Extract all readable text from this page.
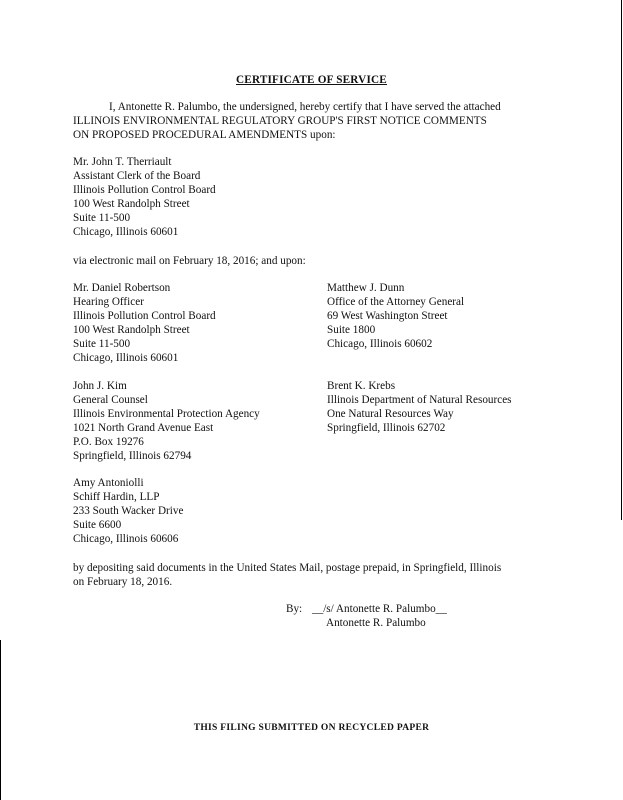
CERTIFICATE OF SERVICE
I, Antonette R. Palumbo, the undersigned, hereby certify that I have served the attached
ILLINOIS ENVIRONMENTAL REGULATORY GROUP'S FIRST NOTICE COMMENTS
ON PROPOSED PROCEDURAL AMENDMENTS upon:
Mr. John T. Therriault
Assistant Clerk of the Board
Illinois Pollution Control Board
100 West Randolph Street
Suite 11-500
Chicago, Illinois 60601
via electronic mail on February 18, 2016; and upon:
Mr. Daniel Robertson
Hearing Officer
Illinois Pollution Control Board
100 West Randolph Street
Suite 11-500
Chicago, Illinois 60601
Matthew J. Dunn
Office of the Attorney General
69 West Washington Street
Suite 1800
Chicago, Illinois 60602
John J. Kim
General Counsel
Illinois Environmental Protection Agency
1021 North Grand Avenue East
P.O. Box 19276
Springfield, Illinois 62794
Brent K. Krebs
Illinois Department of Natural Resources
One Natural Resources Way
Springfield, Illinois 62702
Amy Antoniolli
Schiff Hardin, LLP
233 South Wacker Drive
Suite 6600
Chicago, Illinois 60606
by depositing said documents in the United States Mail, postage prepaid, in Springfield, Illinois
on February 18, 2016.
By: __/s/ Antonette R. Palumbo__
Antonette R. Palumbo
THIS FILING SUBMITTED ON RECYCLED PAPER
